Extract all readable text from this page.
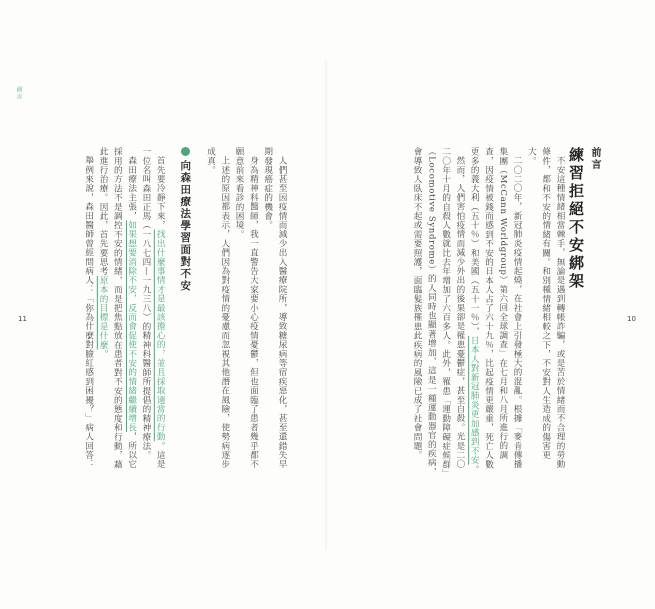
前言

人們甚至因疫情而減少出入醫療院所，導致糖尿病等宿疾惡化，甚至還錯失早期發現癌症的機會。

身為精神科醫師，我一直警告大家要小心疫情憂鬱，但也面臨了患者幾乎都不願意前來看診的困境。

上述的原因都表示，人們因為對疫情的憂慮而忽視其他潛在風險，使勢病逐步成真。

向森田療法學習面對不安

首先要冷靜下來，找出什麼事情才是最該擔心的，並且採取適當的行動。這是一位名叫森田正馬（一八七四—一九三八）的精神科醫師所提倡的精神療法。

森田療法主張，如果想要消除不安，反而會促使不安的情緒繼續增長，所以它採用的方法不是調控不安的情緒，而是把焦點放在患者對不安的態度和行動，藉此進行治療。因此，首先要思考原本的目標是什麼。

舉例來說，森田醫師曾經問病人：「你為什麼對臉紅感到困擾？」病人回答：

11
前言
練習拒絕不安綁架

不安這種情緒相當棘手，無論是遇到轉帳詐騙，或是苦於情緒而不合理的勞動條件，都和不安的情緒有關。和別種情緒相較之下，不安對人生造成的傷害更大。

二〇二〇年，新冠肺炎疫情起燒，在社會上引發極大的混亂。根據「麥肯傳播集團（McCann Worldgroup）第六回全球調查」在七月和八月所進行的調查，因疫情被錢而感到不安的日本人占了六十九％，比起疫情更嚴重，死亡人數更多的義大利（五十％）和美國（五十一％），日本人對新冠肺炎更加感到不安。

然而，人們害怕疫情而減少外出的後果卻是罹患憂鬱症，甚至自殺。光是二〇二〇年十月的自殺人數就比去年增加了六百多人。此外，罹患「運動障礙症候群」（Locomotive Syndrome）的人同時也顯著增加，這是一種運動器官的疾病，會導致人臥床不起或需要照護，面臨髮族罹患此疾病的風險已成了社會問題。	10
